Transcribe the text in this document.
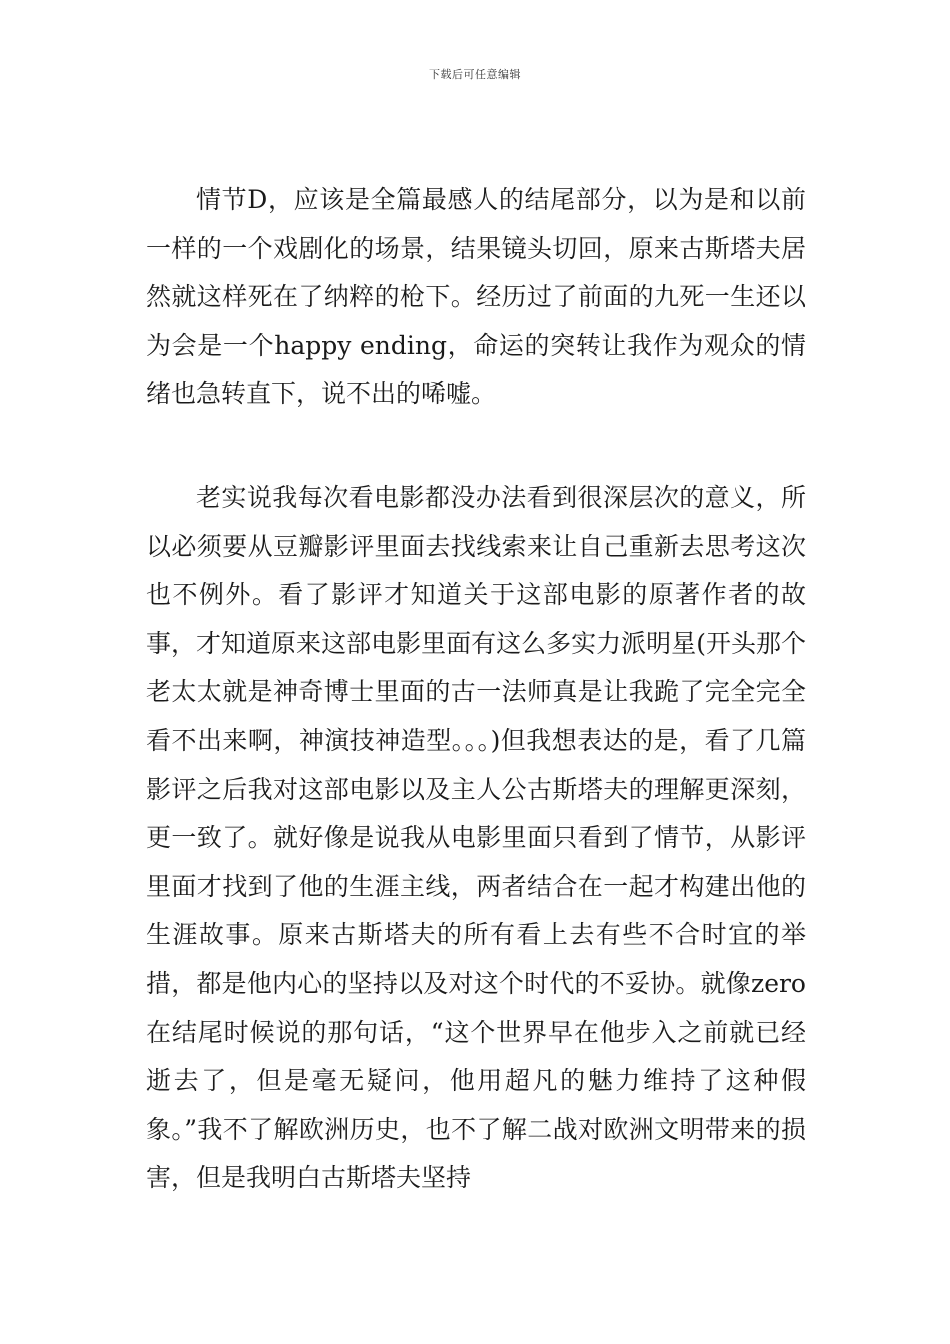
下载后可任意编辑

情节D，应该是全篇最感人的结尾部分，以为是和以前一样的一个戏剧化的场景，结果镜头切回，原来古斯塔夫居然就这样死在了纳粹的枪下。经历过了前面的九死一生还以为会是一个happy ending，命运的突转让我作为观众的情绪也急转直下，说不出的唏嘘。

老实说我每次看电影都没办法看到很深层次的意义，所以必须要从豆瓣影评里面去找线索来让自己重新去思考这次也不例外。看了影评才知道关于这部电影的原著作者的故事，才知道原来这部电影里面有这么多实力派明星(开头那个老太太就是神奇博士里面的古一法师真是让我跪了完全完全看不出来啊，神演技神造型。。。)但我想表达的是，看了几篇影评之后我对这部电影以及主人公古斯塔夫的理解更深刻，更一致了。就好像是说我从电影里面只看到了情节，从影评里面才找到了他的生涯主线，两者结合在一起才构建出他的生涯故事。原来古斯塔夫的所有看上去有些不合时宜的举措，都是他内心的坚持以及对这个时代的不妥协。就像zero在结尾时候说的那句话，“这个世界早在他步入之前就已经逝去了，但是毫无疑问，他用超凡的魅力维持了这种假象。”我不了解欧洲历史，也不了解二战对欧洲文明带来的损害，但是我明白古斯塔夫坚持
